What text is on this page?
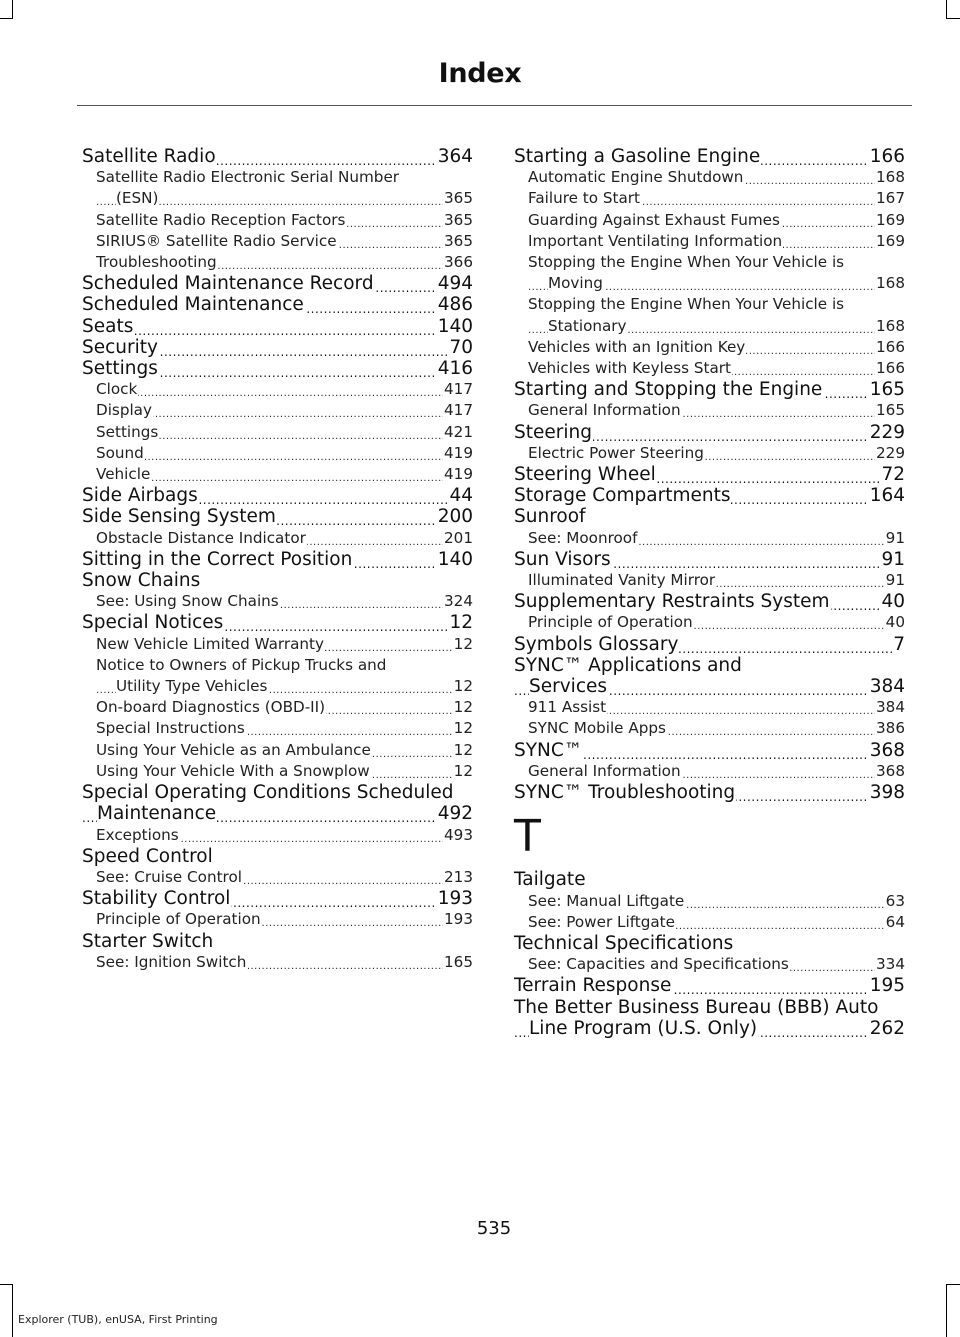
Index
Satellite Radio	364
.....
Satellite Radio Electronic Serial Number
(ESN)	365
.....
Satellite Radio Reception Factors	365
.....
SIRIUS® Satellite Radio Service	365
.....
Troubleshooting	366
.....
Scheduled Maintenance Record	494
.....
Scheduled Maintenance	486
.....
Seats	140
.....
Security	70
.....
Settings	416
.....
Clock	417
.....
Display	417
.....
Settings	421
.....
Sound	419
.....
Vehicle	419
.....
Side Airbags	44
.....
Side Sensing System	200
.....
Obstacle Distance Indicator	201
.....
Sitting in the Correct Position	140
.....
Snow Chains
See: Using Snow Chains	324
.....
Special Notices	12
.....
New Vehicle Limited Warranty	12
.....
Notice to Owners of Pickup Trucks and
Utility Type Vehicles	12
.....
On-board Diagnostics (OBD-II)	12
.....
Special Instructions	12
.....
Using Your Vehicle as an Ambulance	12
.....
Using Your Vehicle With a Snowplow	12
.....
Special Operating Conditions Scheduled
Maintenance	492
.....
Exceptions	493
.....
Speed Control
See: Cruise Control	213
.....
Stability Control	193
.....
Principle of Operation	193
.....
Starter Switch
See: Ignition Switch	165
.....
Starting a Gasoline Engine	166
.....
Automatic Engine Shutdown	168
.....
Failure to Start	167
.....
Guarding Against Exhaust Fumes	169
.....
Important Ventilating Information	169
.....
Stopping the Engine When Your Vehicle is
Moving	168
.....
Stopping the Engine When Your Vehicle is
Stationary	168
.....
Vehicles with an Ignition Key	166
.....
Vehicles with Keyless Start	166
.....
Starting and Stopping the Engine	165
.....
General Information	165
.....
Steering	229
.....
Electric Power Steering	229
.....
Steering Wheel	72
.....
Storage Compartments	164
.....
Sunroof
See: Moonroof	91
.....
Sun Visors	91
.....
Illuminated Vanity Mirror	91
.....
Supplementary Restraints System	40
.....
Principle of Operation	40
.....
Symbols Glossary	7
.....
SYNC™ Applications and
Services	384
.....
911 Assist	384
.....
SYNC Mobile Apps	386
.....
SYNC™	368
.....
General Information	368
.....
SYNC™ Troubleshooting	398
.....
T
Tailgate
See: Manual Liftgate	63
.....
See: Power Liftgate	64
.....
Technical Specifications
See: Capacities and Specifications	334
.....
Terrain Response	195
.....
The Better Business Bureau (BBB) Auto
Line Program (U.S. Only)	262
.....
535
Explorer (TUB), enUSA, First Printing
